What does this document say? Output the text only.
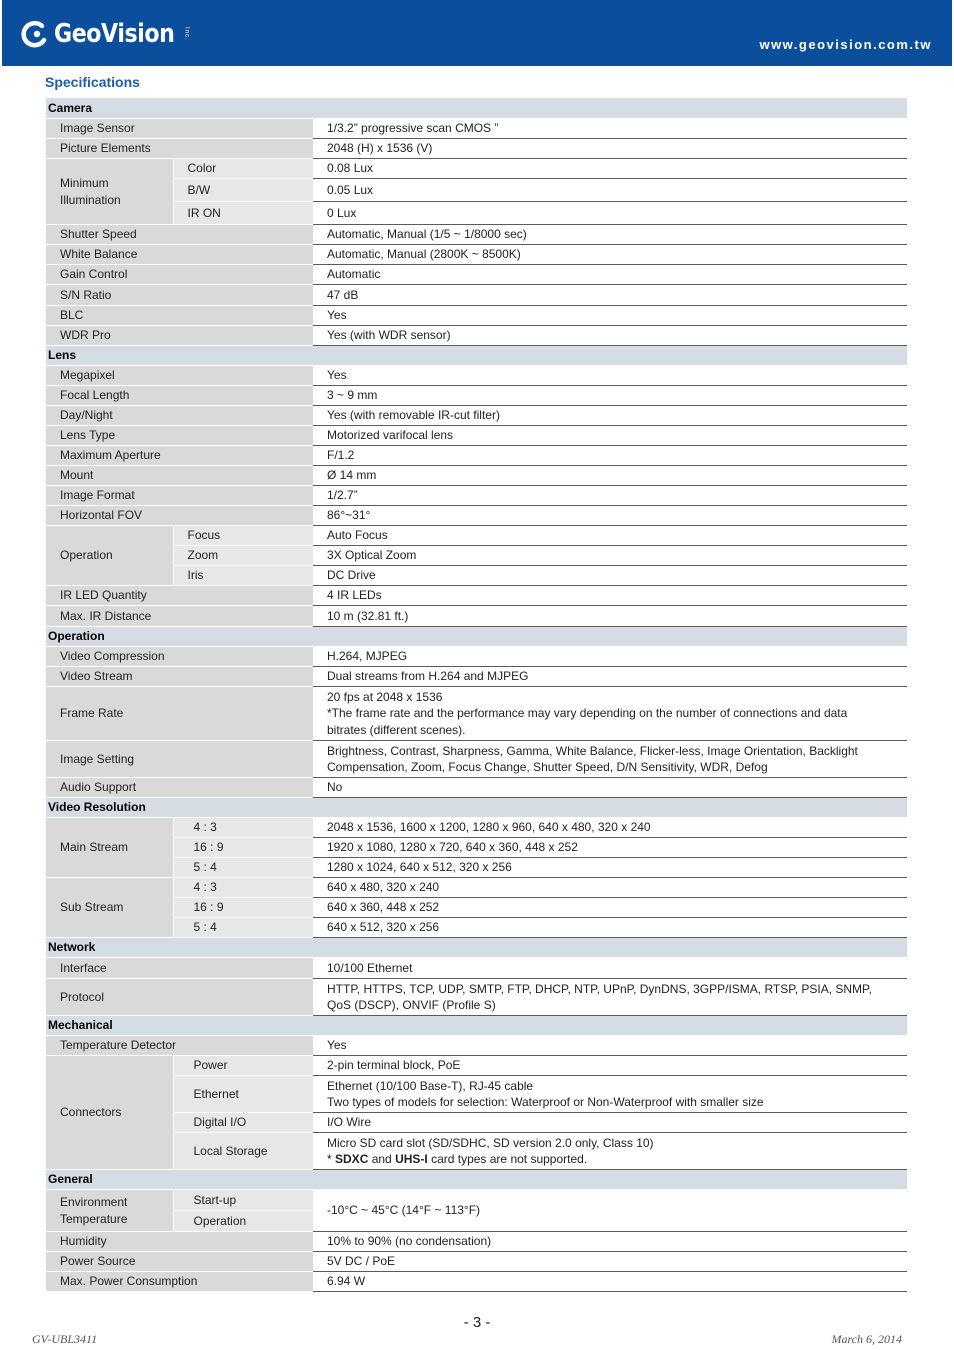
GeoVision Inc.
www.geovision.com.tw
Specifications
Camera		
Image Sensor		1/3.2” progressive scan CMOS ”
Picture Elements		2048 (H) x 1536 (V)
Minimum Illumination	Color	0.08 Lux
	B/W	0.05 Lux
	IR ON	0 Lux
Shutter Speed		Automatic, Manual (1/5 ~ 1/8000 sec)
White Balance		Automatic, Manual (2800K ~ 8500K)
Gain Control		Automatic
S/N Ratio		47 dB
BLC		Yes
WDR Pro		Yes (with WDR sensor)
Lens		
Megapixel		Yes
Focal Length		3 ~ 9 mm
Day/Night		Yes (with removable IR-cut filter)
Lens Type		Motorized varifocal lens
Maximum Aperture		F/1.2
Mount		Ø 14 mm
Image Format		1/2.7”
Horizontal FOV		86°~31°
Operation	Focus	Auto Focus
	Zoom	3X Optical Zoom
	Iris	DC Drive
IR LED Quantity		4 IR LEDs
Max. IR Distance		10 m (32.81 ft.)
Operation		
Video Compression		H.264, MJPEG
Video Stream		Dual streams from H.264 and MJPEG
Frame Rate		20 fps at 2048 x 1536
*The frame rate and the performance may vary depending on the number of connections and data bitrates (different scenes).

Image Setting		Brightness, Contrast, Sharpness, Gamma, White Balance, Flicker-less, Image Orientation, Backlight Compensation, Zoom, Focus Change, Shutter Speed, D/N Sensitivity, WDR, Defog
Audio Support		No
Video Resolution		
Main Stream	4 : 3	2048 x 1536, 1600 x 1200, 1280 x 960, 640 x 480, 320 x 240
	16 : 9	1920 x 1080, 1280 x 720, 640 x 360, 448 x 252
	5 : 4	1280 x 1024, 640 x 512, 320 x 256
Sub Stream	4 : 3	640 x 480, 320 x 240
	16 : 9	640 x 360, 448 x 252
	5 : 4	640 x 512, 320 x 256
Network		
Interface		10/100 Ethernet
Protocol		HTTP, HTTPS, TCP, UDP, SMTP, FTP, DHCP, NTP, UPnP, DynDNS, 3GPP/ISMA, RTSP, PSIA, SNMP, QoS (DSCP), ONVIF (Profile S)
Mechanical		
Temperature Detector		Yes
Connectors	Power	2-pin terminal block, PoE
	Ethernet	Ethernet (10/100 Base-T), RJ-45 cable
Two types of models for selection: Waterproof or Non-Waterproof with smaller size

	Digital I/O	I/O Wire
	Local Storage	Micro SD card slot (SD/SDHC, SD version 2.0 only, Class 10)
* SDXC and UHS-I card types are not supported.

General		
Environment Temperature	Start-up	-10°C ~ 45°C (14°F ~ 113°F)
	Operation	
Humidity		10% to 90% (no condensation)
Power Source		5V DC / PoE
Max. Power Consumption		6.94 W
- 3 -
GV-UBL3411	March 6, 2014
